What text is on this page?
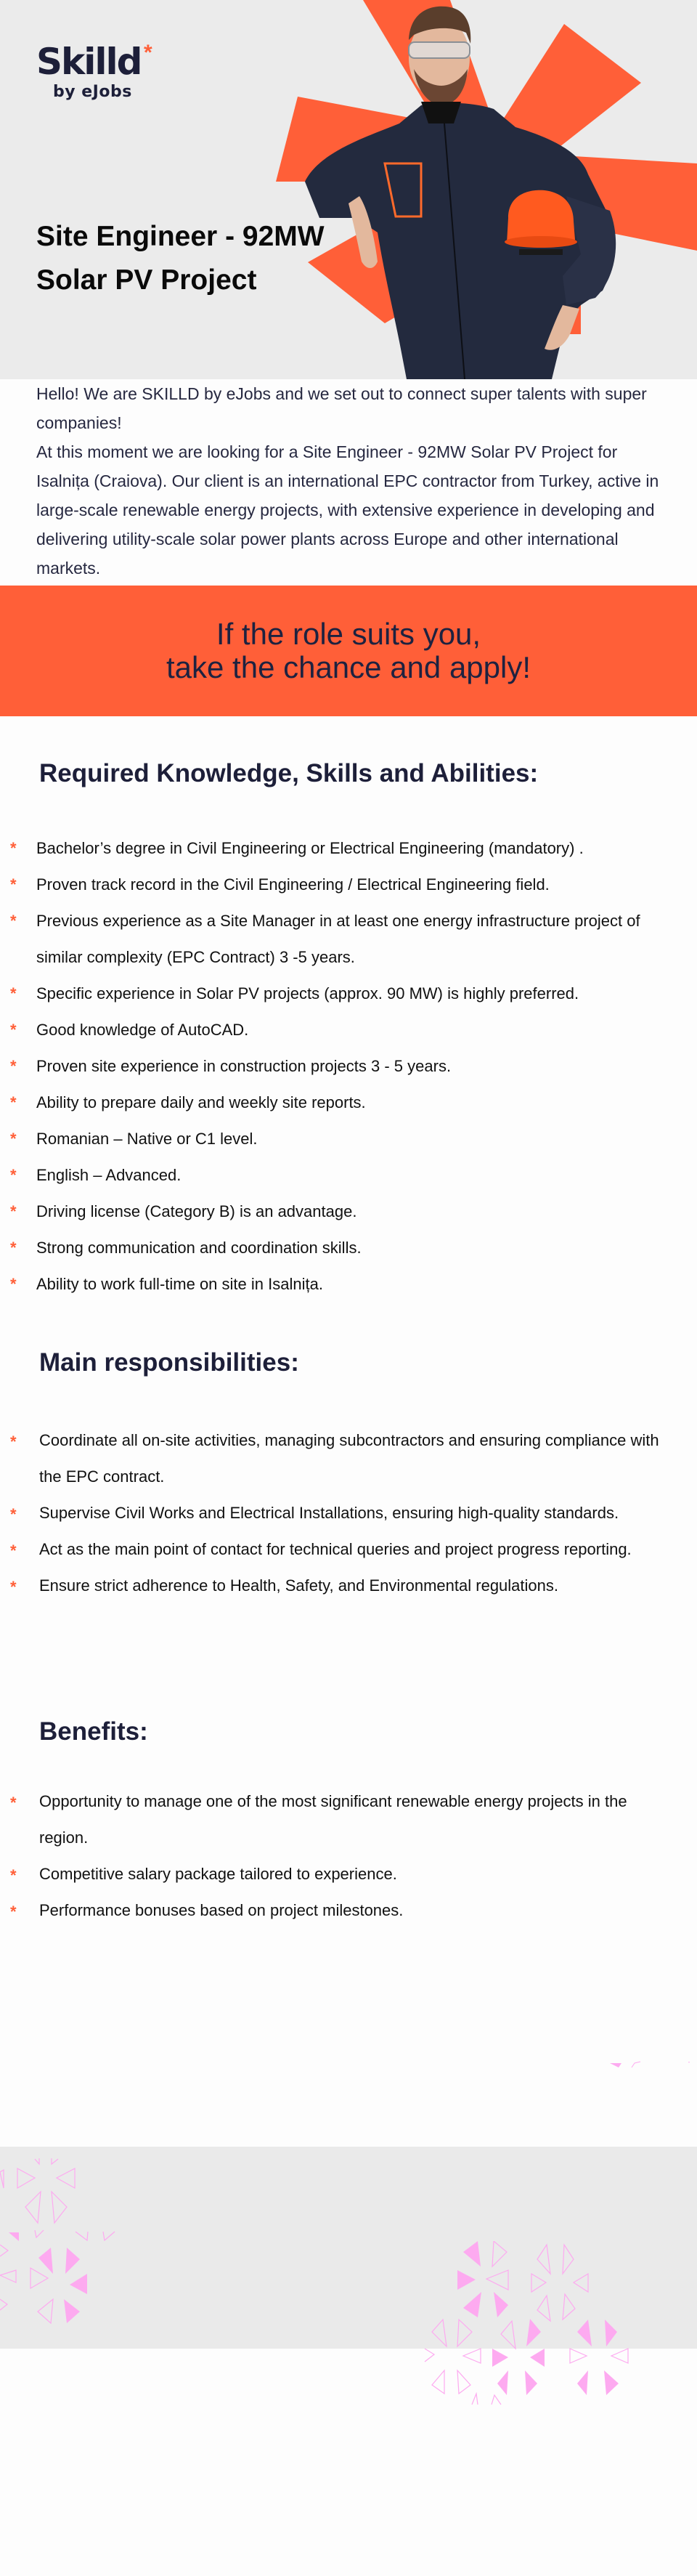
Skilld *
by eJobs
Site Engineer - 92MW
Solar PV Project

Hello! We are SKILLD by eJobs and we set out to connect super talents with super companies!

At this moment we are looking for a Site Engineer - 92MW Solar PV Project for Isalnița (Craiova). Our client is an international EPC contractor from Turkey, active in large-scale renewable energy projects, with extensive experience in developing and delivering utility-scale solar power plants across Europe and other international markets.

If the role suits you,
take the chance and apply!
Required Knowledge, Skills and Abilities:
* Bachelor’s degree in Civil Engineering or Electrical Engineering (mandatory) .
* Proven track record in the Civil Engineering / Electrical Engineering field.
* Previous experience as a Site Manager in at least one energy infrastructure project of similar complexity (EPC Contract) 3 -5 years.
* Specific experience in Solar PV projects (approx. 90 MW) is highly preferred.
* Good knowledge of AutoCAD.
* Proven site experience in construction projects 3 - 5 years.
* Ability to prepare daily and weekly site reports.
* Romanian – Native or C1 level.
* English – Advanced.
* Driving license (Category B) is an advantage.
* Strong communication and coordination skills.
* Ability to work full-time on site in Isalnița.
Main responsibilities:
* Coordinate all on-site activities, managing subcontractors and ensuring compliance with the EPC contract.
* Supervise Civil Works and Electrical Installations, ensuring high-quality standards.
* Act as the main point of contact for technical queries and project progress reporting.
* Ensure strict adherence to Health, Safety, and Environmental regulations.
Benefits:
* Opportunity to manage one of the most significant renewable energy projects in the region.
* Competitive salary package tailored to experience.
* Performance bonuses based on project milestones.
